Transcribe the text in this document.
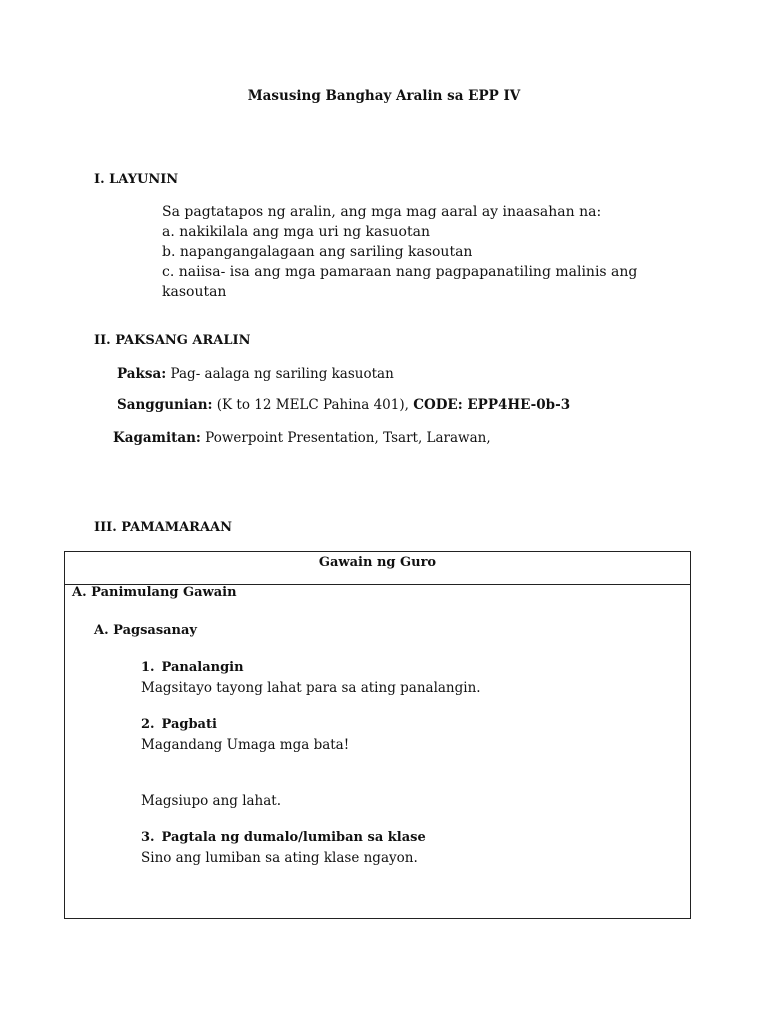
Masusing Banghay Aralin sa EPP IV
I. LAYUNIN
Sa pagtatapos ng aralin, ang mga mag aaral ay inaasahan na:
a. nakikilala ang mga uri ng kasuotan
b. napangangalagaan ang sariling kasoutan
c. naiisa- isa ang mga pamaraan nang pagpapanatiling malinis ang
kasoutan
II. PAKSANG ARALIN
Paksa: Pag- aalaga ng sariling kasuotan
Sanggunian: (K to 12 MELC Pahina 401), CODE: EPP4HE-0b-3
Kagamitan: Powerpoint Presentation, Tsart, Larawan,
III. PAMAMARAAN
Gawain ng Guro
A. Panimulang Gawain
A. Pagsasanay
1. Panalangin
Magsitayo tayong lahat para sa ating panalangin.
2. Pagbati
Magandang Umaga mga bata!
Magsiupo ang lahat.
3. Pagtala ng dumalo/lumiban sa klase
Sino ang lumiban sa ating klase ngayon.
